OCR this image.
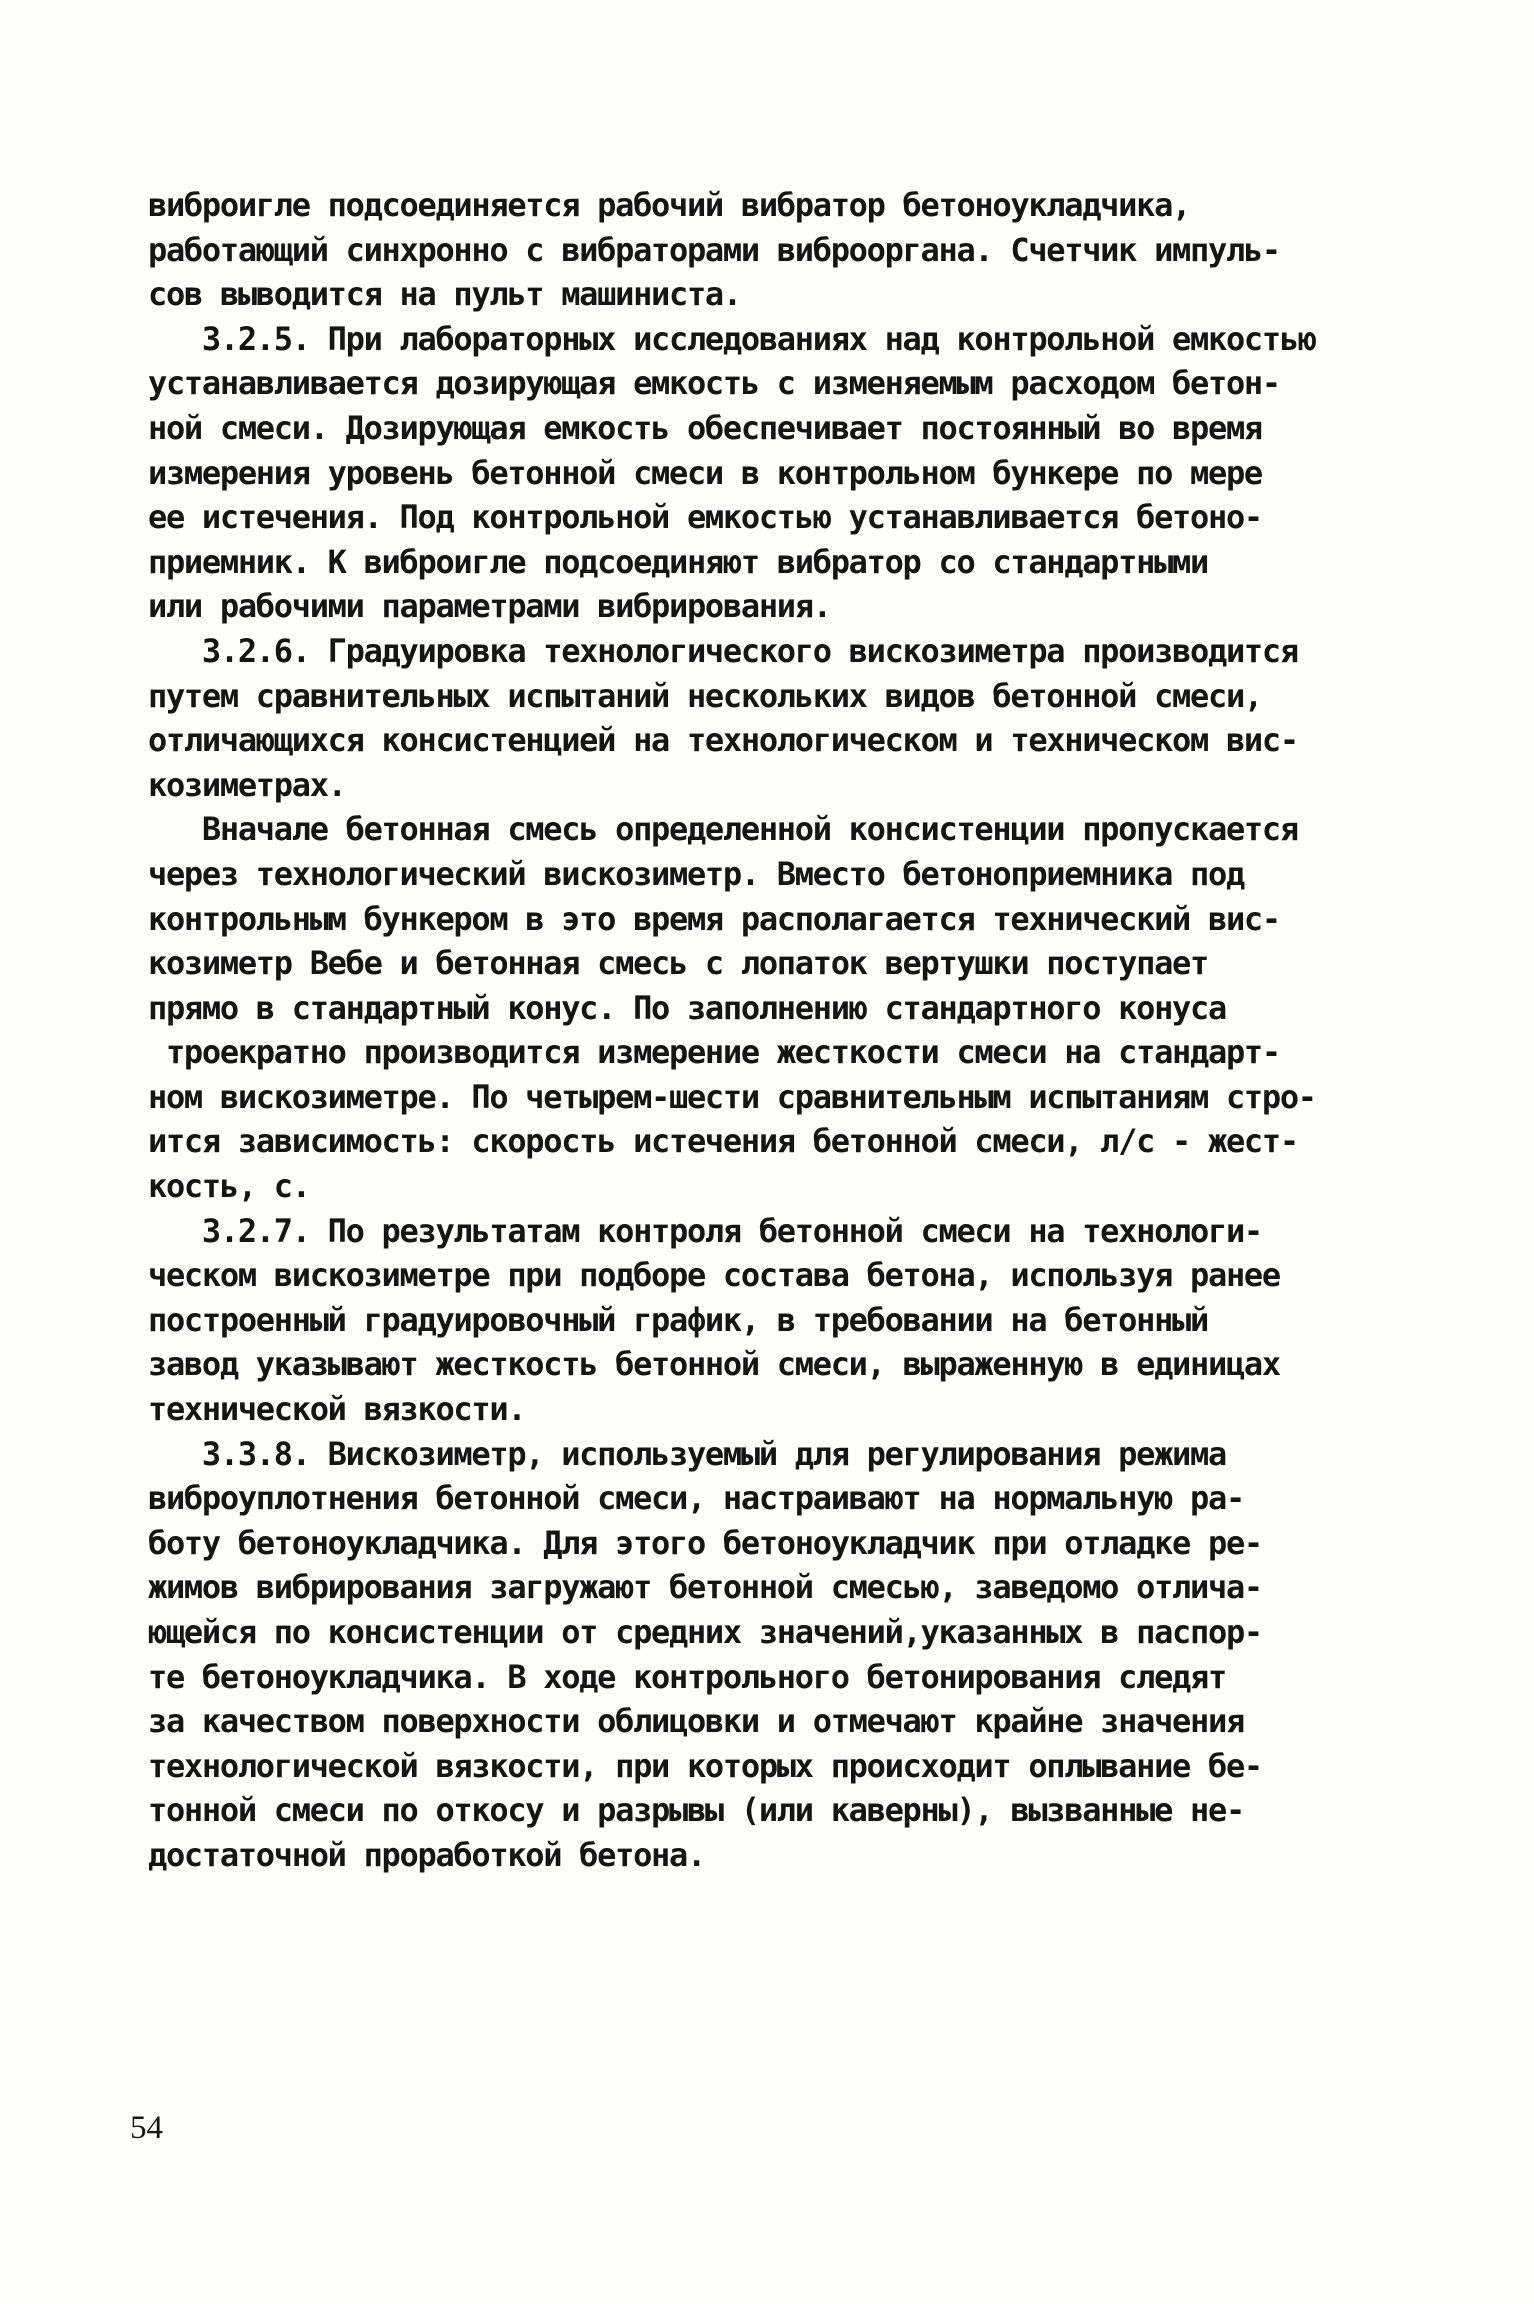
виброигле подсоединяется рабочий вибратор бетоноукладчика,
работающий синхронно с вибраторами виброоргана. Счетчик импуль-
сов выводится на пульт машиниста.
3.2.5. При лабораторных исследованиях над контрольной емкостью
устанавливается дозирующая емкость с изменяемым расходом бетон-
ной смеси. Дозирующая емкость обеспечивает постоянный во время
измерения уровень бетонной смеси в контрольном бункере по мере
ее истечения. Под контрольной емкостью устанавливается бетоно-
приемник. К виброигле подсоединяют вибратор со стандартными
или рабочими параметрами вибрирования.
3.2.6. Градуировка технологического вискозиметра производится
путем сравнительных испытаний нескольких видов бетонной смеси,
отличающихся консистенцией на технологическом и техническом вис-
козиметрах.
Вначале бетонная смесь определенной консистенции пропускается
через технологический вискозиметр. Вместо бетоноприемника под
контрольным бункером в это время располагается технический вис-
козиметр Вебе и бетонная смесь с лопаток вертушки поступает
прямо в стандартный конус. По заполнению стандартного конуса
троекратно производится измерение жесткости смеси на стандарт-
ном вискозиметре. По четырем-шести сравнительным испытаниям стро-
ится зависимость: скорость истечения бетонной смеси, л/с - жест-
кость, с.
3.2.7. По результатам контроля бетонной смеси на технологи-
ческом вискозиметре при подборе состава бетона, используя ранее
построенный градуировочный график, в требовании на бетонный
завод указывают жесткость бетонной смеси, выраженную в единицах
технической вязкости.
3.3.8. Вискозиметр, используемый для регулирования режима
виброуплотнения бетонной смеси, настраивают на нормальную ра-
боту бетоноукладчика. Для этого бетоноукладчик при отладке ре-
жимов вибрирования загружают бетонной смесью, заведомо отлича-
ющейся по консистенции от средних значений,указанных в паспор-
те бетоноукладчика. В ходе контрольного бетонирования следят
за качеством поверхности облицовки и отмечают крайне значения
технологической вязкости, при которых происходит оплывание бе-
тонной смеси по откосу и разрывы (или каверны), вызванные не-
достаточной проработкой бетона.
54
